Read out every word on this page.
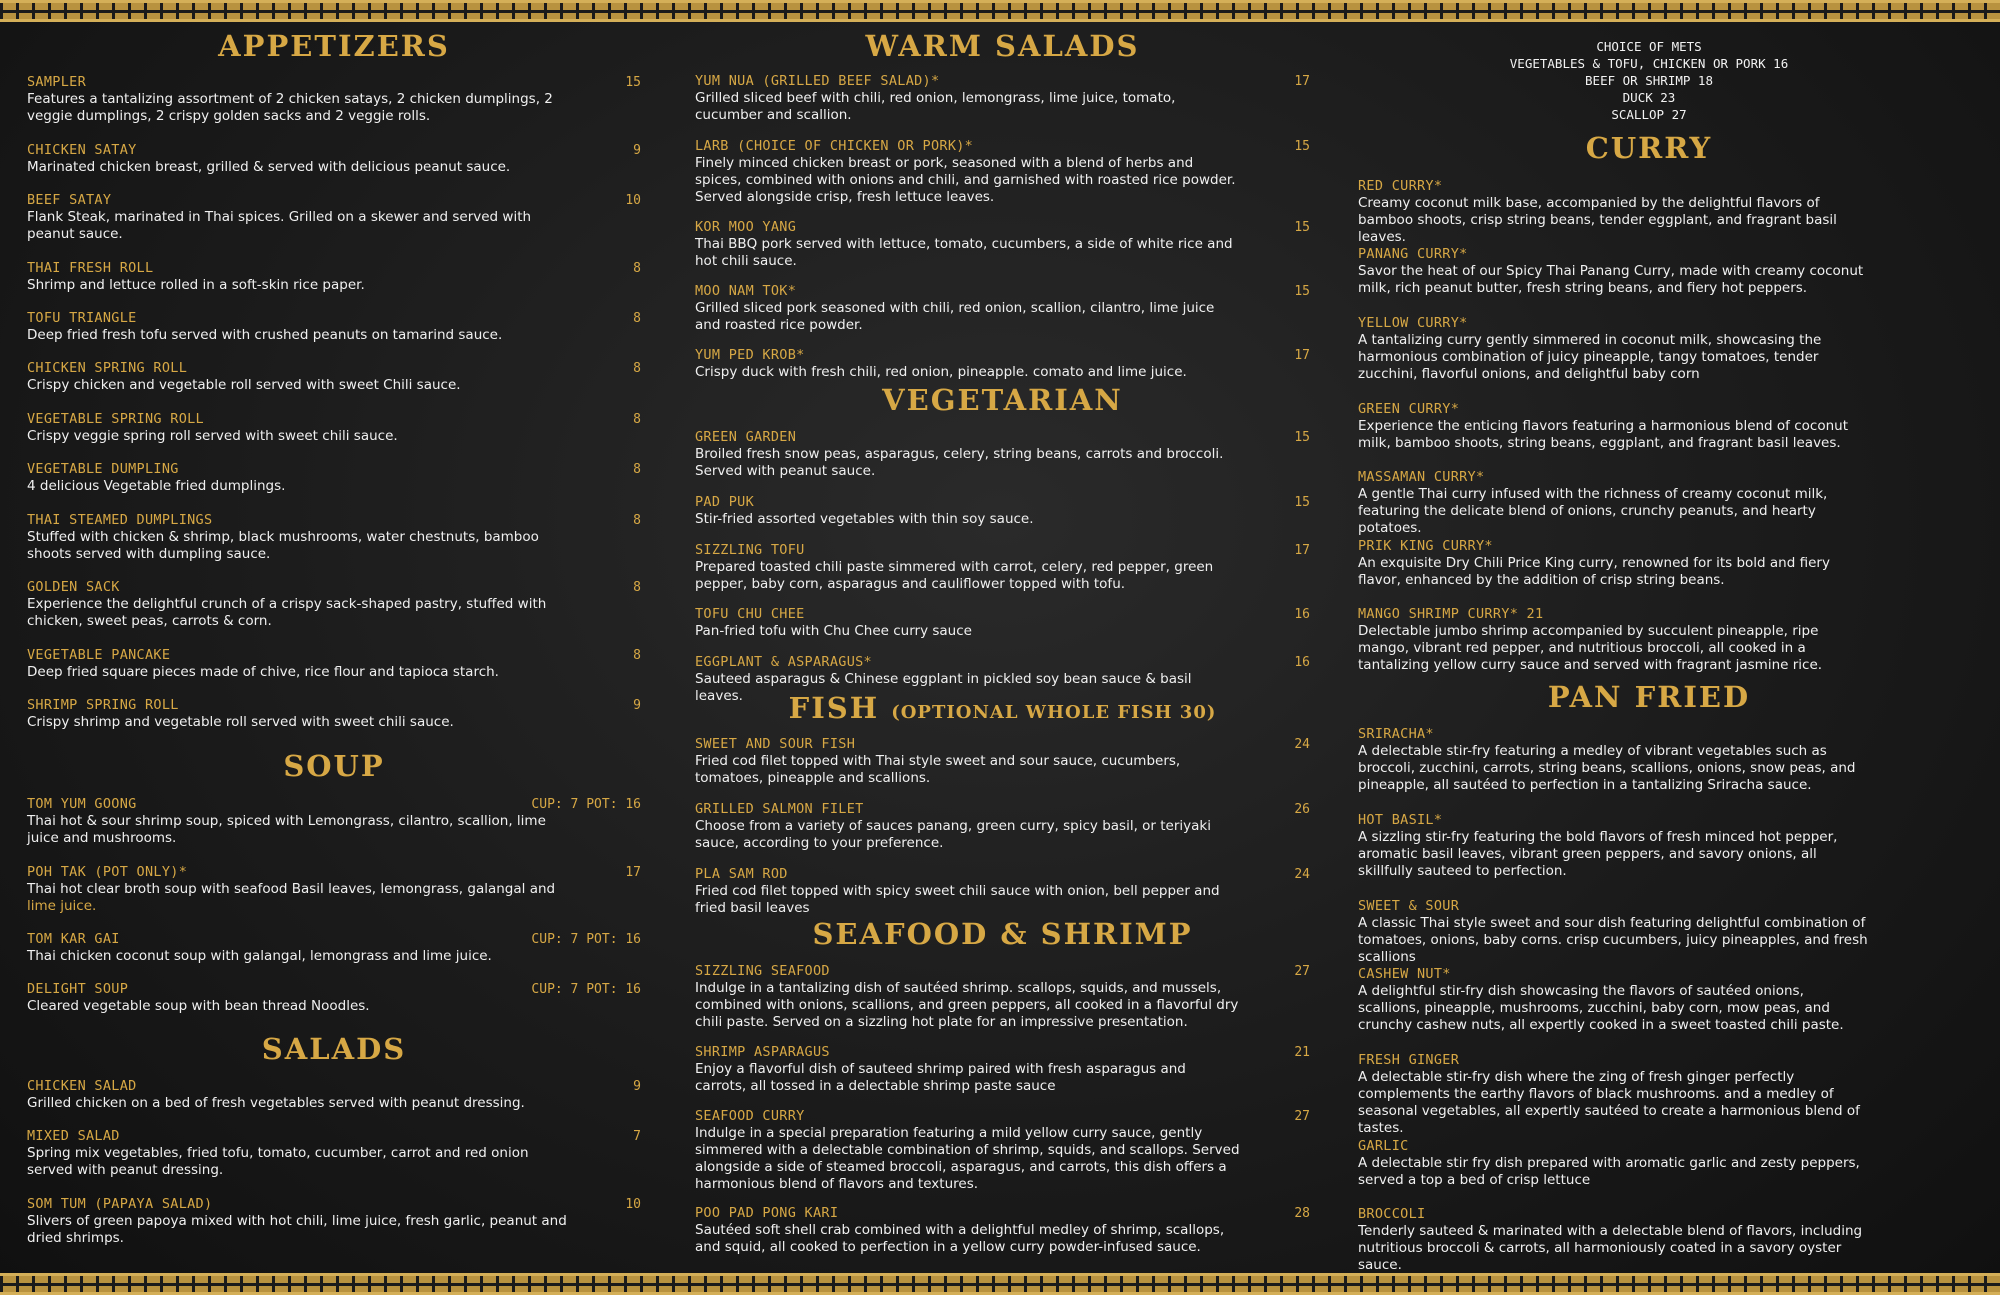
APPETIZERS
SAMPLER	15
Features a tantalizing assortment of 2 chicken satays, 2 chicken dumplings, 2 veggie dumplings, 2 crispy golden sacks and 2 veggie rolls.
CHICKEN SATAY	9
Marinated chicken breast, grilled & served with delicious peanut sauce.
BEEF SATAY	10
Flank Steak, marinated in Thai spices. Grilled on a skewer and served with peanut sauce.
THAI FRESH ROLL	8
Shrimp and lettuce rolled in a soft-skin rice paper.
TOFU TRIANGLE	8
Deep fried fresh tofu served with crushed peanuts on tamarind sauce.
CHICKEN SPRING ROLL	8
Crispy chicken and vegetable roll served with sweet Chili sauce.
VEGETABLE SPRING ROLL	8
Crispy veggie spring roll served with sweet chili sauce.
VEGETABLE DUMPLING	8
4 delicious Vegetable fried dumplings.
THAI STEAMED DUMPLINGS	8
Stuffed with chicken & shrimp, black mushrooms, water chestnuts, bamboo shoots served with dumpling sauce.
GOLDEN SACK	8
Experience the delightful crunch of a crispy sack-shaped pastry, stuffed with chicken, sweet peas, carrots & corn.
VEGETABLE PANCAKE	8
Deep fried square pieces made of chive, rice flour and tapioca starch.
SHRIMP SPRING ROLL	9
Crispy shrimp and vegetable roll served with sweet chili sauce.
SOUP
TOM YUM GOONG	CUP: 7 POT: 16
Thai hot & sour shrimp soup, spiced with Lemongrass, cilantro, scallion, lime juice and mushrooms.
POH TAK (POT ONLY)*	17
Thai hot clear broth soup with seafood Basil leaves, lemongrass, galangal and
lime juice.
TOM KAR GAI	CUP: 7 POT: 16
Thai chicken coconut soup with galangal, lemongrass and lime juice.
DELIGHT SOUP	CUP: 7 POT: 16
Cleared vegetable soup with bean thread Noodles.
SALADS
CHICKEN SALAD	9
Grilled chicken on a bed of fresh vegetables served with peanut dressing.
MIXED SALAD	7
Spring mix vegetables, fried tofu, tomato, cucumber, carrot and red onion served with peanut dressing.
SOM TUM (PAPAYA SALAD)	10
Slivers of green papoya mixed with hot chili, lime juice, fresh garlic, peanut and dried shrimps.
WARM SALADS
YUM NUA (GRILLED BEEF SALAD)*	17
Grilled sliced beef with chili, red onion, lemongrass, lime juice, tomato, cucumber and scallion.
LARB (CHOICE OF CHICKEN OR PORK)*	15
Finely minced chicken breast or pork, seasoned with a blend of herbs and spices, combined with onions and chili, and garnished with roasted rice powder. Served alongside crisp, fresh lettuce leaves.
KOR MOO YANG	15
Thai BBQ pork served with lettuce, tomato, cucumbers, a side of white rice and hot chili sauce.
MOO NAM TOK*	15
Grilled sliced pork seasoned with chili, red onion, scallion, cilantro, lime juice and roasted rice powder.
YUM PED KROB*	17
Crispy duck with fresh chili, red onion, pineapple. comato and lime juice.
VEGETARIAN
GREEN GARDEN	15
Broiled fresh snow peas, asparagus, celery, string beans, carrots and broccoli. Served with peanut sauce.
PAD PUK	15
Stir-fried assorted vegetables with thin soy sauce.
SIZZLING TOFU	17
Prepared toasted chili paste simmered with carrot, celery, red pepper, green pepper, baby corn, asparagus and cauliflower topped with tofu.
TOFU CHU CHEE	16
Pan-fried tofu with Chu Chee curry sauce
EGGPLANT & ASPARAGUS*	16
Sauteed asparagus & Chinese eggplant in pickled soy bean sauce & basil leaves.	FISH (OPTIONAL WHOLE FISH 30)
SWEET AND SOUR FISH	24
Fried cod filet topped with Thai style sweet and sour sauce, cucumbers, tomatoes, pineapple and scallions.
GRILLED SALMON FILET	26
Choose from a variety of sauces panang, green curry, spicy basil, or teriyaki sauce, according to your preference.
PLA SAM ROD	24
Fried cod filet topped with spicy sweet chili sauce with onion, bell pepper and fried basil leaves
SEAFOOD & SHRIMP
SIZZLING SEAFOOD	27
Indulge in a tantalizing dish of sautéed shrimp. scallops, squids, and mussels, combined with onions, scallions, and green peppers, all cooked in a flavorful dry chili paste. Served on a sizzling hot plate for an impressive presentation.
SHRIMP ASPARAGUS	21
Enjoy a flavorful dish of sauteed shrimp paired with fresh asparagus and carrots, all tossed in a delectable shrimp paste sauce
SEAFOOD CURRY	27
Indulge in a special preparation featuring a mild yellow curry sauce, gently simmered with a delectable combination of shrimp, squids, and scallops. Served alongside a side of steamed broccoli, asparagus, and carrots, this dish offers a harmonious blend of flavors and textures.
POO PAD PONG KARI	28
Sautéed soft shell crab combined with a delightful medley of shrimp, scallops, and squid, all cooked to perfection in a yellow curry powder-infused sauce.
CHOICE OF METS
VEGETABLES & TOFU, CHICKEN OR PORK 16
BEEF OR SHRIMP 18
DUCK 23
SCALLOP 27
CURRY
RED CURRY*
Creamy coconut milk base, accompanied by the delightful flavors of bamboo shoots, crisp string beans, tender eggplant, and fragrant basil leaves.
PANANG CURRY*
Savor the heat of our Spicy Thai Panang Curry, made with creamy coconut milk, rich peanut butter, fresh string beans, and fiery hot peppers.
YELLOW CURRY*
A tantalizing curry gently simmered in coconut milk, showcasing the harmonious combination of juicy pineapple, tangy tomatoes, tender zucchini, flavorful onions, and delightful baby corn
GREEN CURRY*
Experience the enticing flavors featuring a harmonious blend of coconut milk, bamboo shoots, string beans, eggplant, and fragrant basil leaves.
MASSAMAN CURRY*
A gentle Thai curry infused with the richness of creamy coconut milk, featuring the delicate blend of onions, crunchy peanuts, and hearty potatoes.
PRIK KING CURRY*
An exquisite Dry Chili Price King curry, renowned for its bold and fiery flavor, enhanced by the addition of crisp string beans.
MANGO SHRIMP CURRY* 21
Delectable jumbo shrimp accompanied by succulent pineapple, ripe mango, vibrant red pepper, and nutritious broccoli, all cooked in a tantalizing yellow curry sauce and served with fragrant jasmine rice.
PAN FRIED
SRIRACHA*
A delectable stir-fry featuring a medley of vibrant vegetables such as broccoli, zucchini, carrots, string beans, scallions, onions, snow peas, and pineapple, all sautéed to perfection in a tantalizing Sriracha sauce.
HOT BASIL*
A sizzling stir-fry featuring the bold flavors of fresh minced hot pepper, aromatic basil leaves, vibrant green peppers, and savory onions, all skillfully sauteed to perfection.
SWEET & SOUR
A classic Thai style sweet and sour dish featuring delightful combination of tomatoes, onions, baby corns. crisp cucumbers, juicy pineapples, and fresh scallions
CASHEW NUT*
A delightful stir-fry dish showcasing the flavors of sautéed onions, scallions, pineapple, mushrooms, zucchini, baby corn, mow peas, and crunchy cashew nuts, all expertly cooked in a sweet toasted chili paste.
FRESH GINGER
A delectable stir-fry dish where the zing of fresh ginger perfectly complements the earthy flavors of black mushrooms. and a medley of seasonal vegetables, all expertly sautéed to create a harmonious blend of tastes.
GARLIC
A delectable stir fry dish prepared with aromatic garlic and zesty peppers, served a top a bed of crisp lettuce
BROCCOLI
Tenderly sauteed & marinated with a delectable blend of flavors, including nutritious broccoli & carrots, all harmoniously coated in a savory oyster sauce.
